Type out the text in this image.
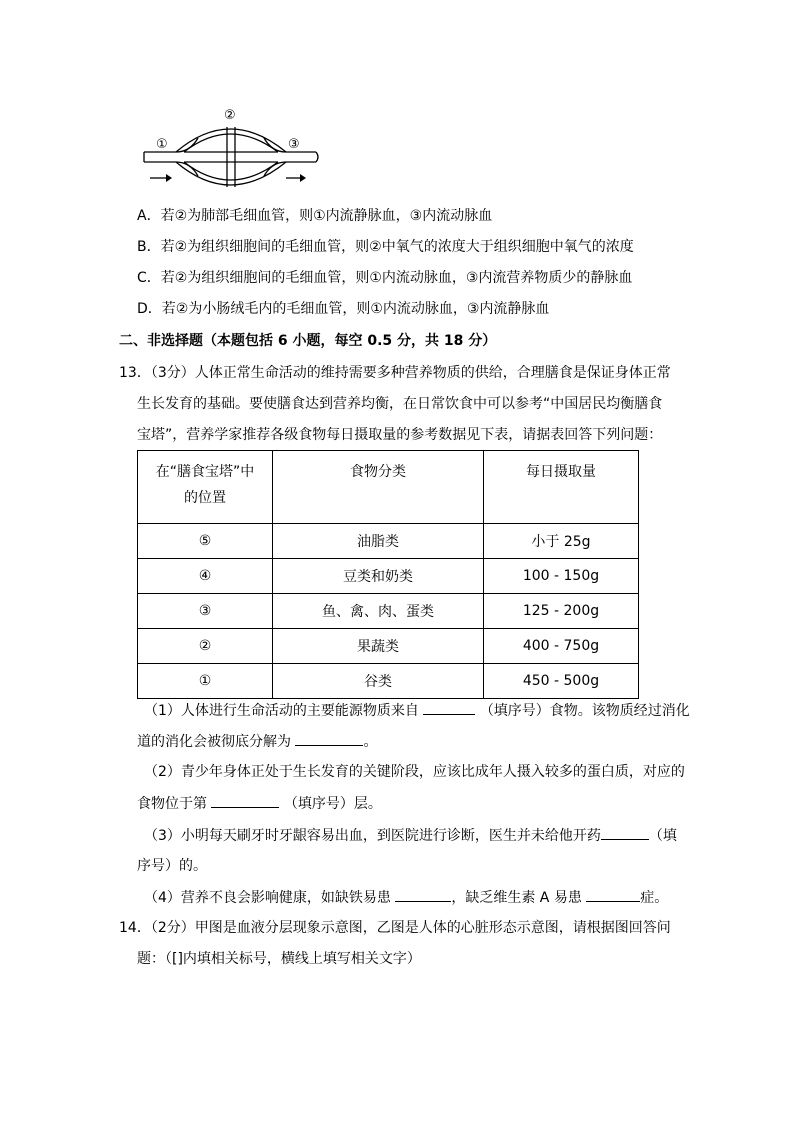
①
②
③
A．若②为肺部毛细血管，则①内流静脉血，③内流动脉血
B．若②为组织细胞间的毛细血管，则②中氧气的浓度大于组织细胞中氧气的浓度
C．若②为组织细胞间的毛细血管，则①内流动脉血，③内流营养物质少的静脉血
D．若②为小肠绒毛内的毛细血管，则①内流动脉血，③内流静脉血
二、非选择题（本题包括 6 小题，每空 0.5 分，共 18 分）
13．（3分）人体正常生命活动的维持需要多种营养物质的供给，合理膳食是保证身体正常
生长发育的基础。要使膳食达到营养均衡，在日常饮食中可以参考“中国居民均衡膳食
宝塔”，营养学家推荐各级食物每日摄取量的参考数据见下表，请据表回答下列问题：
在“膳食宝塔”中
的位置	食物分类	每日摄取量
⑤	油脂类	小于 25g
④	豆类和奶类	100 - 150g
③	鱼、禽、肉、蛋类	125 - 200g
②	果蔬类	400 - 750g
①	谷类	450 - 500g
（1）人体进行生命活动的主要能源物质来自	（填序号）食物。该物质经过消化
道的消化会被彻底分解为	。
（2）青少年身体正处于生长发育的关键阶段，应该比成年人摄入较多的蛋白质，对应的
食物位于第	（填序号）层。
（3）小明每天刷牙时牙龈容易出血，到医院进行诊断，医生并未给他开药	（填
序号）的。
（4）营养不良会影响健康，如缺铁易患	，缺乏维生素 A 易患	症。
14．（2分）甲图是血液分层现象示意图，乙图是人体的心脏形态示意图，请根据图回答问
题：（[]内填相关标号，横线上填写相关文字）
